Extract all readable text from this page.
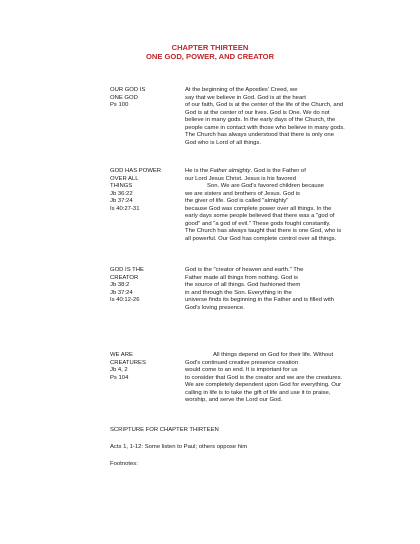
CHAPTER THIRTEEN
ONE GOD, POWER, AND CREATOR
OUR GOD IS
ONE GOD
Ps 100
At the beginning of the Apostles' Creed, we
say that we believe in God. God is at the heart
of our faith, God is at the center of the life of the Church, and
God is at the center of our lives. God is One. We do not
believe in many gods. In the early days of the Church, the
people came in contact with those who believe in many gods.
The Church has always understood that there is only one
God who is Lord of all things.
GOD HAS POWER
OVER ALL
THINGS
Jb 36:22
Jb 37:24
Is 40:27-31
He is the Father almighty. God is the Father of
our Lord Jesus Christ. Jesus is his favored
Son. We are God's favored children because
we are sisters and brothers of Jesus. God is
the giver of life. God is called "almighty"
because God was complete power over all things. In the
early days some people believed that there was a "god of
good" and "a god of evil." These gods fought constantly.
The Church has always taught that there is one God, who is
all powerful. Our God has complete control over all things.
GOD IS THE
CREATOR
Jb 38:2
Jb 37:24
Is 40:12-26
God is the "creator of heaven and earth." The
Father made all things from nothing. God is
the source of all things. God fashioned them
in and through the Son. Everything in the
universe finds its beginning in the Father and is filled with
God's loving presence.
WE ARE
CREATURES
Jb 4, 2
Ps 104
All things depend on God for their life. Without
God's continued creative presence creation
would come to an end. It is important for us
to consider that God is the creator and we are the creatures.
We are completely dependent upon God for everything. Our
calling in life is to take the gift of life and use it to praise,
worship, and serve the Lord our God.
SCRIPTURE FOR CHAPTER THIRTEEN
Acts 1, 1-12: Some listen to Paul; others oppose him
Footnotes:
